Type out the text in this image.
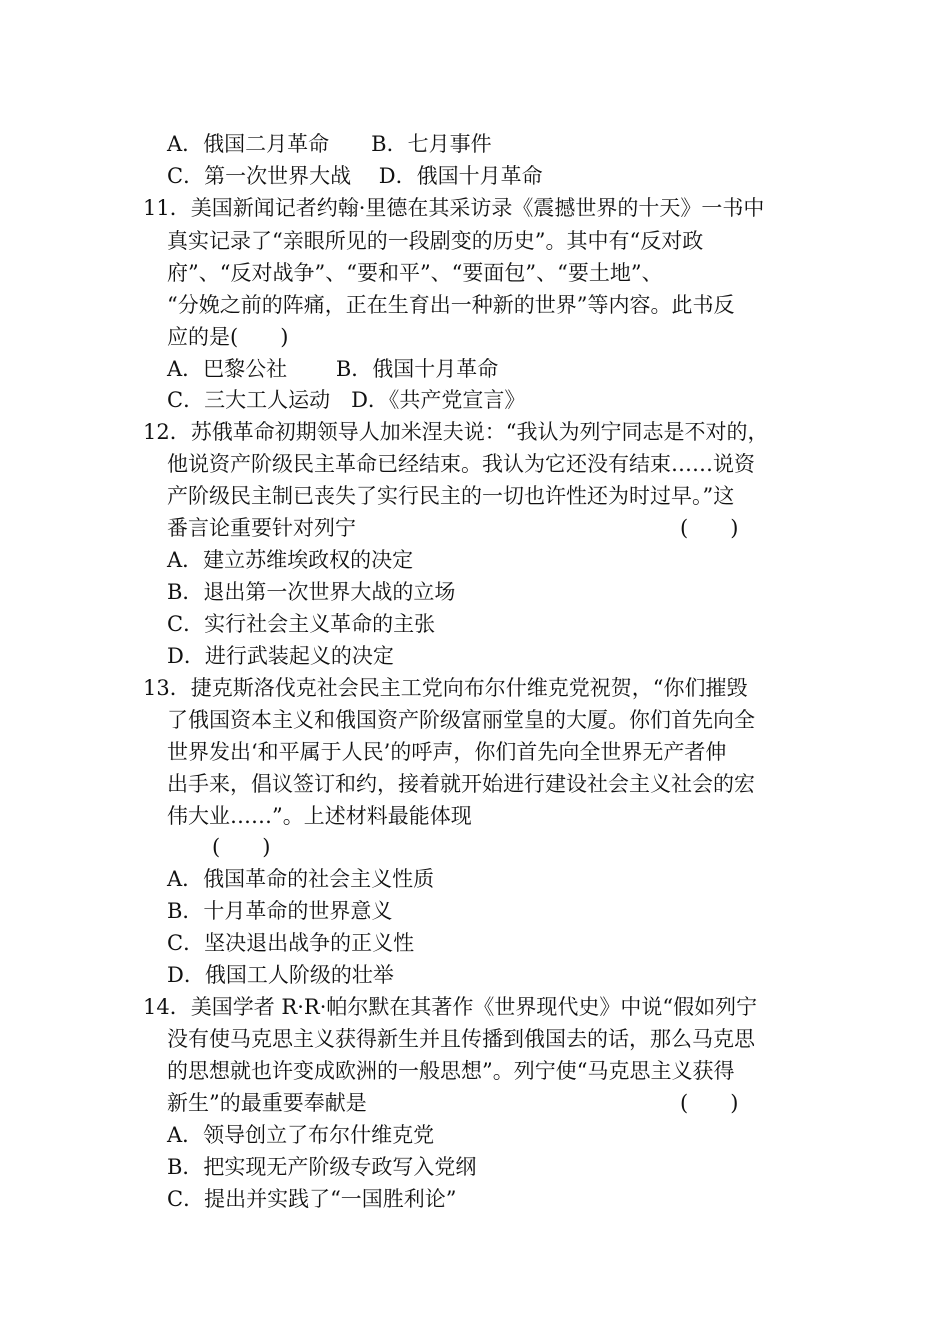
A．俄国二月革命　　B．七月事件
C．第一次世界大战　 D．俄国十月革命
11．美国新闻记者约翰·里德在其采访录《震撼世界的十天》一书中
真实记录了“亲眼所见的一段剧变的历史”。其中有“反对政
府”、“反对战争”、“要和平”、“要面包”、“要土地”、
“分娩之前的阵痛，正在生育出一种新的世界”等内容。此书反
应的是(　　)
A．巴黎公社　　 B．俄国十月革命
C．三大工人运动　D．《共产党宣言》
12．苏俄革命初期领导人加米涅夫说：“我认为列宁同志是不对的，
他说资产阶级民主革命已经结束。我认为它还没有结束……说资
产阶级民主制已丧失了实行民主的一切也许性还为时过早。”这
番言论重要针对列宁	(　　)
A．建立苏维埃政权的决定
B．退出第一次世界大战的立场
C．实行社会主义革命的主张
D．进行武装起义的决定
13．捷克斯洛伐克社会民主工党向布尔什维克党祝贺，“你们摧毁
了俄国资本主义和俄国资产阶级富丽堂皇的大厦。你们首先向全
世界发出‘和平属于人民’的呼声，你们首先向全世界无产者伸
出手来，倡议签订和约，接着就开始进行建设社会主义社会的宏
伟大业……”。上述材料最能体现
(　　)
A．俄国革命的社会主义性质
B．十月革命的世界意义
C．坚决退出战争的正义性
D．俄国工人阶级的壮举
14．美国学者 R·R·帕尔默在其著作《世界现代史》中说“假如列宁
没有使马克思主义获得新生并且传播到俄国去的话，那么马克思
的思想就也许变成欧洲的一般思想”。列宁使“马克思主义获得
新生”的最重要奉献是	(　　)
A．领导创立了布尔什维克党
B．把实现无产阶级专政写入党纲
C．提出并实践了“一国胜利论”
